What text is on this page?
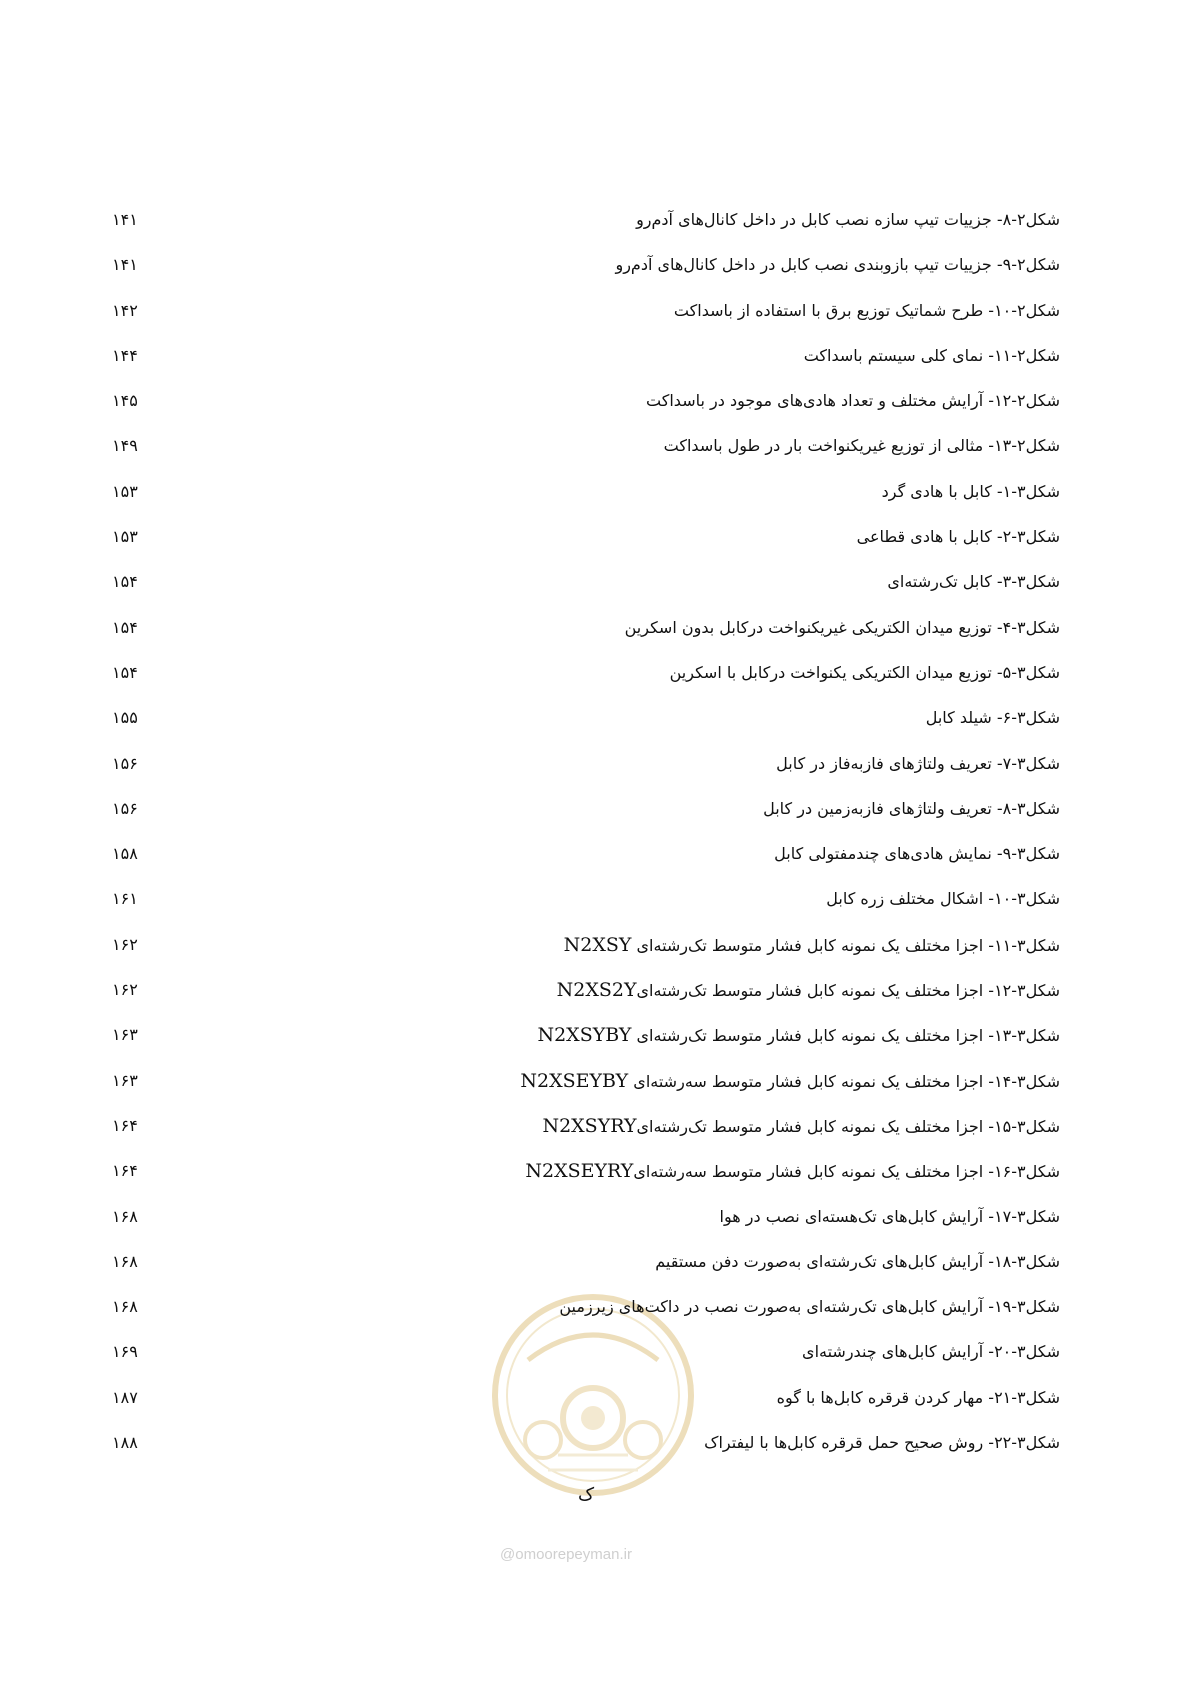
شکل۲-۸- جزییات تیپ سازه نصب کابل در داخل کانال‌های آدم‌رو
۱۴۱
شکل۲-۹- جزییات تیپ بازوبندی نصب کابل در داخل کانال‌های آدم‌رو
۱۴۱
شکل۲-۱۰- طرح شماتیک توزیع برق با استفاده از باسداکت
۱۴۲
شکل۲-۱۱- نمای کلی سیستم باسداکت
۱۴۴
شکل۲-۱۲- آرایش مختلف و تعداد هادی‌های موجود در باسداکت
۱۴۵
شکل۲-۱۳- مثالی از توزیع غیریکنواخت بار در طول باسداکت
۱۴۹
شکل۳-۱- کابل با هادی گرد
۱۵۳
شکل۳-۲- کابل با هادی قطاعی
۱۵۳
شکل۳-۳- کابل تک‌رشته‌ای
۱۵۴
شکل۳-۴- توزیع میدان الکتریکی غیریکنواخت درکابل بدون اسکرین
۱۵۴
شکل۳-۵- توزیع میدان الکتریکی یکنواخت درکابل با اسکرین
۱۵۴
شکل۳-۶- شیلد کابل
۱۵۵
شکل۳-۷- تعریف ولتاژهای فازبه‌فاز در کابل
۱۵۶
شکل۳-۸- تعریف ولتاژهای فازبه‌زمین در کابل
۱۵۶
شکل۳-۹- نمایش هادی‌های چندمفتولی کابل
۱۵۸
شکل۳-۱۰- اشکال مختلف زره کابل
۱۶۱
شکل۳-۱۱- اجزا مختلف یک نمونه کابل فشار متوسط تک‌رشته‌ای N2XSY
۱۶۲
شکل۳-۱۲- اجزا مختلف یک نمونه کابل فشار متوسط تک‌رشته‌ایN2XS2Y
۱۶۲
شکل۳-۱۳- اجزا مختلف یک نمونه کابل فشار متوسط تک‌رشته‌ای N2XSYBY
۱۶۳
شکل۳-۱۴- اجزا مختلف یک نمونه کابل فشار متوسط سه‌رشته‌ای N2XSEYBY
۱۶۳
شکل۳-۱۵- اجزا مختلف یک نمونه کابل فشار متوسط تک‌رشته‌ایN2XSYRY
۱۶۴
شکل۳-۱۶- اجزا مختلف یک نمونه کابل فشار متوسط سه‌رشته‌ایN2XSEYRY
۱۶۴
شکل۳-۱۷- آرایش کابل‌های تک‌هسته‌ای نصب در هوا
۱۶۸
شکل۳-۱۸- آرایش کابل‌های تک‌رشته‌ای به‌صورت دفن مستقیم
۱۶۸
شکل۳-۱۹- آرایش کابل‌های تک‌رشته‌ای به‌صورت نصب در داکت‌های زیرزمین
۱۶۸
شکل۳-۲۰- آرایش کابل‌های چندرشته‌ای
۱۶۹
شکل۳-۲۱- مهار کردن قرقره کابل‌ها با گوه
۱۸۷
شکل۳-۲۲- روش صحیح حمل قرقره کابل‌ها با لیفتراک
۱۸۸
ک
@omoorepeyman.ir
